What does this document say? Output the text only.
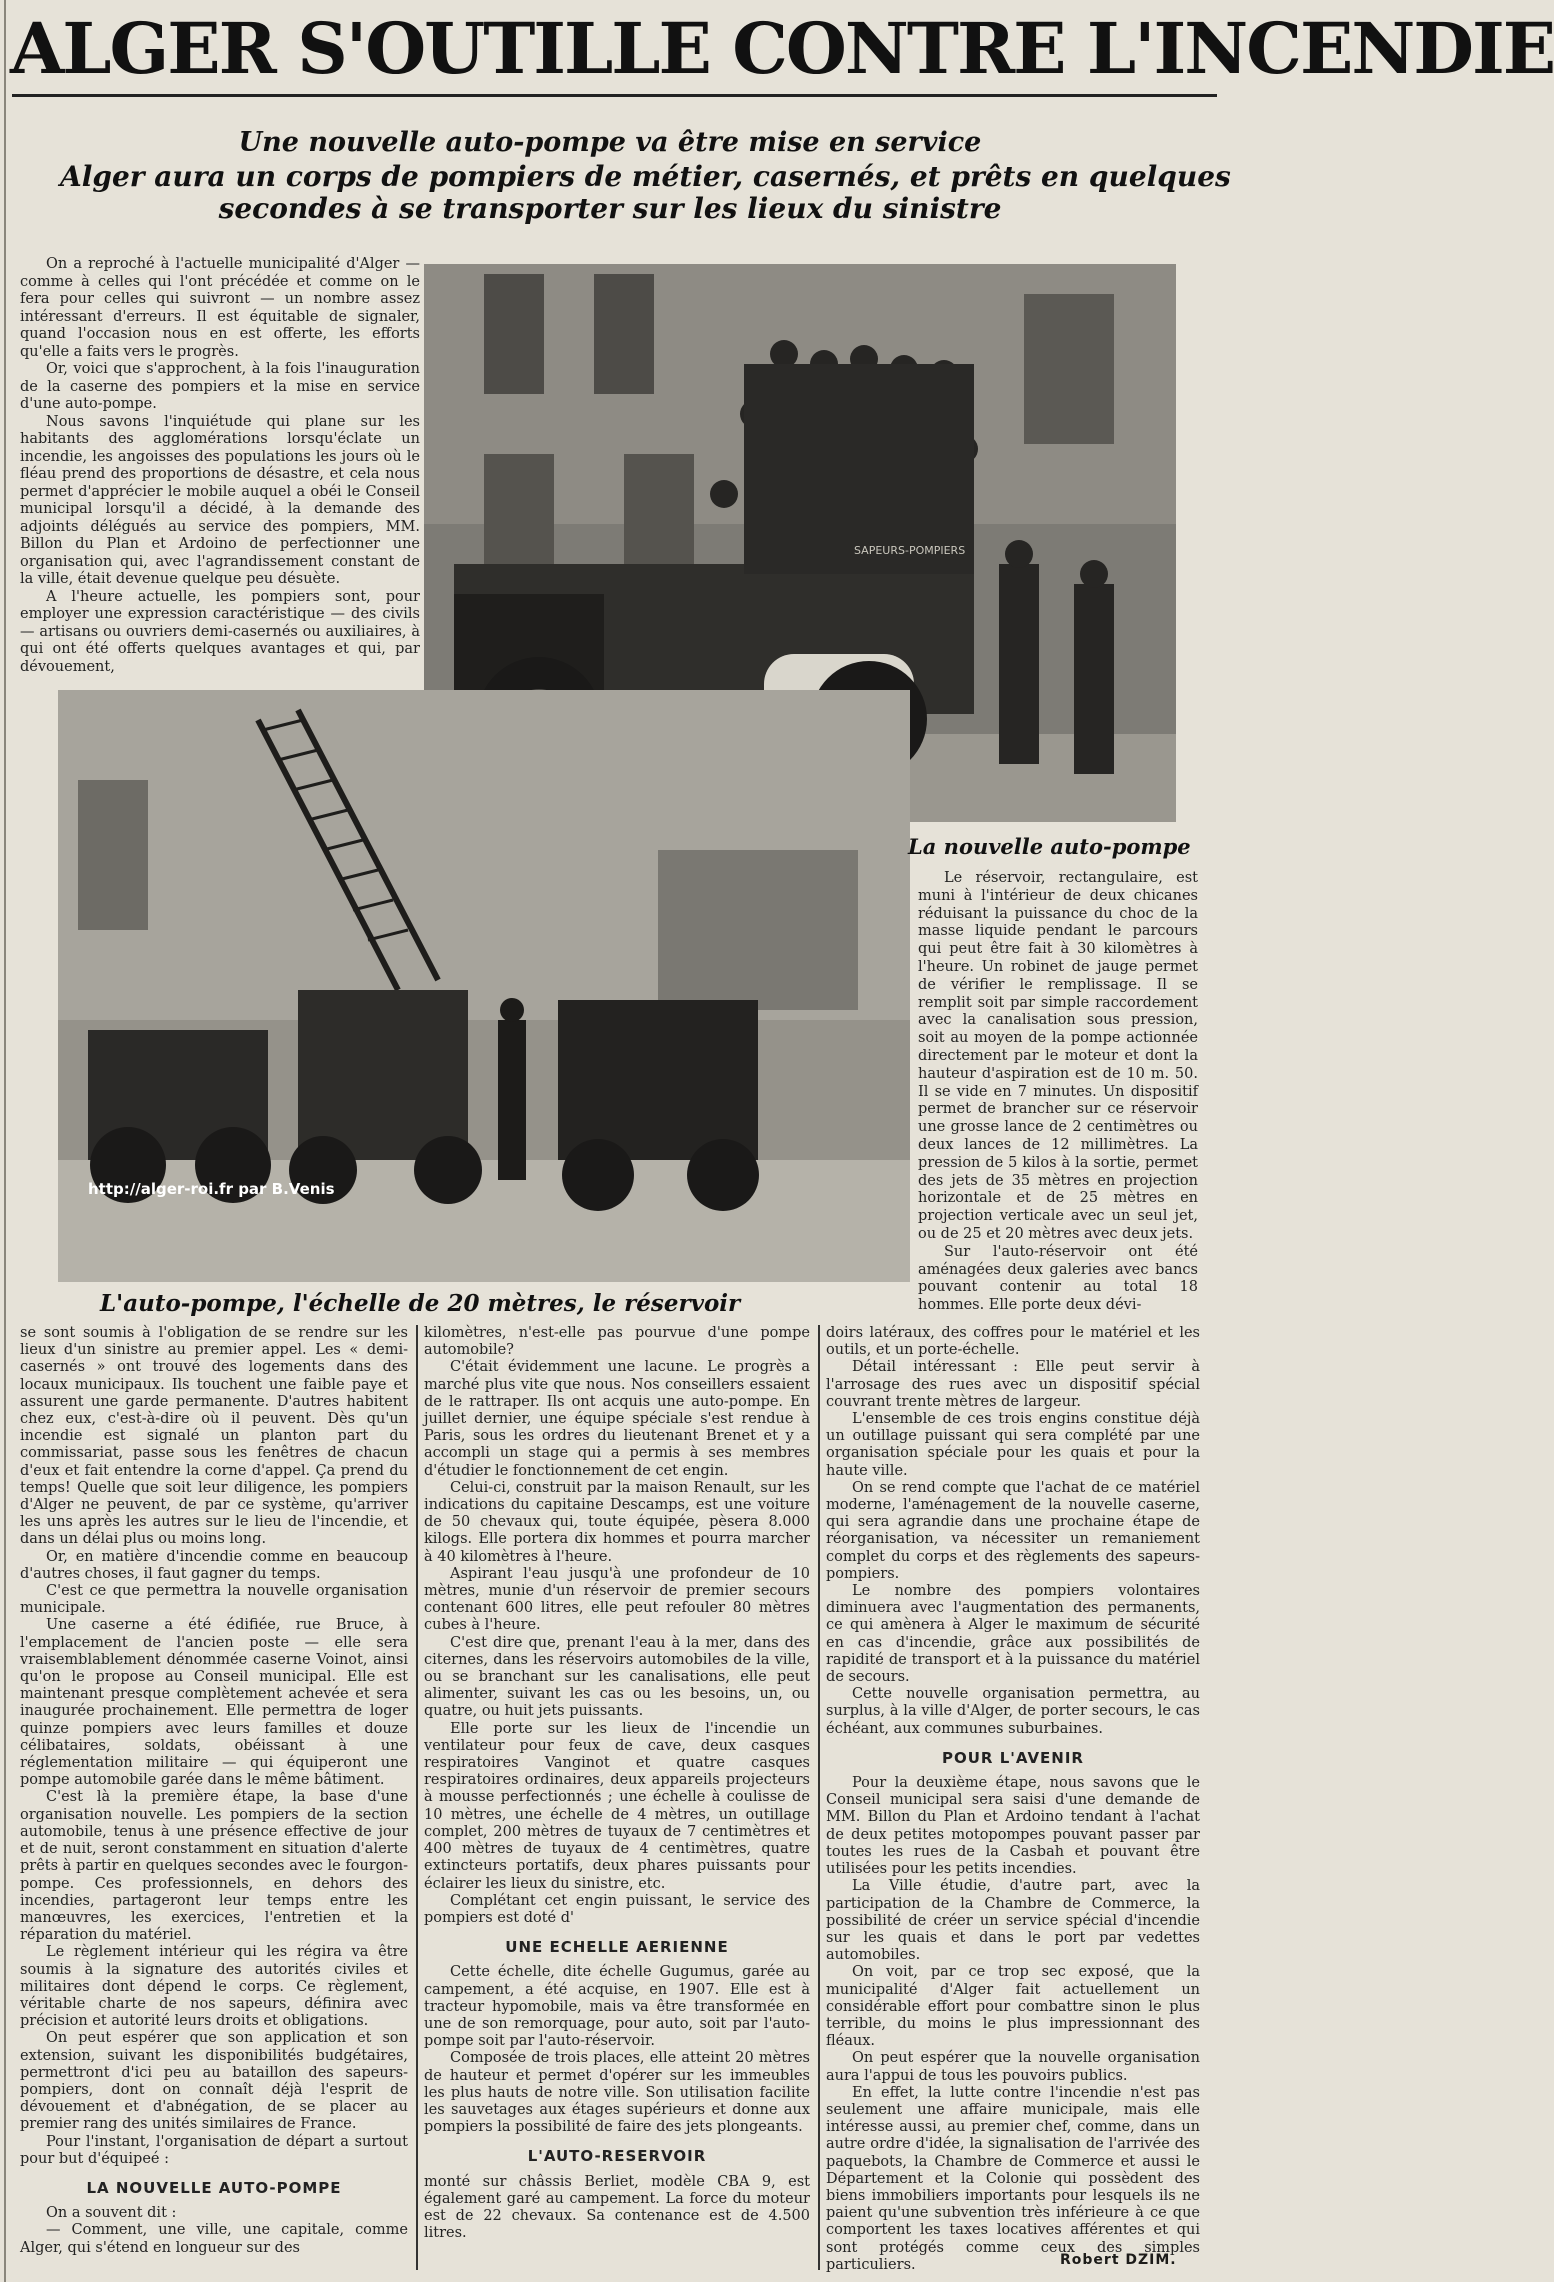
ALGER S'OUTILLE CONTRE L'INCENDIE
Une nouvelle auto-pompe va être mise en service
Alger aura un corps de pompiers de métier, casernés, et prêts en quelques
secondes à se transporter sur les lieux du sinistre

On a reproché à l'actuelle municipalité d'Alger — comme à celles qui l'ont précédée et comme on le fera pour celles qui suivront — un nombre assez intéressant d'erreurs. Il est équitable de signaler, quand l'occasion nous en est offerte, les efforts qu'elle a faits vers le progrès.

Or, voici que s'approchent, à la fois l'inauguration de la caserne des pompiers et la mise en service d'une auto-pompe.

Nous savons l'inquiétude qui plane sur les habitants des agglomérations lorsqu'éclate un incendie, les angoisses des populations les jours où le fléau prend des proportions de désastre, et cela nous permet d'apprécier le mobile auquel a obéi le Conseil municipal lorsqu'il a décidé, à la demande des adjoints délégués au service des pompiers, MM. Billon du Plan et Ardoino de perfectionner une organisation qui, avec l'agrandissement constant de la ville, était devenue quelque peu désuète.

A l'heure actuelle, les pompiers sont, pour employer une expression caractéristique — des civils — artisans ou ouvriers demi-casernés ou auxiliaires, à qui ont été offerts quelques avantages et qui, par dévouement,

SAPEURS-POMPIERS
http://alger-roi.fr par B.Venis
La nouvelle auto-pompe
L'auto-pompe, l'échelle de 20 mètres, le réservoir

Le réservoir, rectangulaire, est muni à l'intérieur de deux chicanes réduisant la puissance du choc de la masse liquide pendant le parcours qui peut être fait à 30 kilomètres à l'heure. Un robinet de jauge permet de vérifier le remplissage. Il se remplit soit par simple raccordement avec la canalisation sous pression, soit au moyen de la pompe actionnée directement par le moteur et dont la hauteur d'aspiration est de 10 m. 50. Il se vide en 7 minutes. Un dispositif permet de brancher sur ce réservoir une grosse lance de 2 centimètres ou deux lances de 12 millimètres. La pression de 5 kilos à la sortie, permet des jets de 35 mètres en projection horizontale et de 25 mètres en projection verticale avec un seul jet, ou de 25 et 20 mètres avec deux jets.

Sur l'auto-réservoir ont été aménagées deux galeries avec bancs pouvant contenir au total 18 hommes. Elle porte deux dévi-

se sont soumis à l'obligation de se rendre sur les lieux d'un sinistre au premier appel. Les « demi-casernés » ont trouvé des logements dans des locaux municipaux. Ils touchent une faible paye et assurent une garde permanente. D'autres habitent chez eux, c'est-à-dire où il peuvent. Dès qu'un incendie est signalé un planton part du commissariat, passe sous les fenêtres de chacun d'eux et fait entendre la corne d'appel. Ça prend du temps! Quelle que soit leur diligence, les pompiers d'Alger ne peuvent, de par ce système, qu'arriver les uns après les autres sur le lieu de l'incendie, et dans un délai plus ou moins long.

Or, en matière d'incendie comme en beaucoup d'autres choses, il faut gagner du temps.

C'est ce que permettra la nouvelle organisation municipale.

Une caserne a été édifiée, rue Bruce, à l'emplacement de l'ancien poste — elle sera vraisemblablement dénommée caserne Voinot, ainsi qu'on le propose au Conseil municipal. Elle est maintenant presque complètement achevée et sera inaugurée prochainement. Elle permettra de loger quinze pompiers avec leurs familles et douze célibataires, soldats, obéissant à une réglementation militaire — qui équiperont une pompe automobile garée dans le même bâtiment.

C'est là la première étape, la base d'une organisation nouvelle. Les pompiers de la section automobile, tenus à une présence effective de jour et de nuit, seront constamment en situation d'alerte prêts à partir en quelques secondes avec le fourgon-pompe. Ces professionnels, en dehors des incendies, partageront leur temps entre les manœuvres, les exercices, l'entretien et la réparation du matériel.

Le règlement intérieur qui les régira va être soumis à la signature des autorités civiles et militaires dont dépend le corps. Ce règlement, véritable charte de nos sapeurs, définira avec précision et autorité leurs droits et obligations.

On peut espérer que son application et son extension, suivant les disponibilités budgétaires, permettront d'ici peu au bataillon des sapeurs-pompiers, dont on connaît déjà l'esprit de dévouement et d'abnégation, de se placer au premier rang des unités similaires de France.

Pour l'instant, l'organisation de départ a surtout pour but d'équipeé :

LA NOUVELLE AUTO-POMPE

On a souvent dit :

— Comment, une ville, une capitale, comme Alger, qui s'étend en longueur sur des

kilomètres, n'est-elle pas pourvue d'une pompe automobile?

C'était évidemment une lacune. Le progrès a marché plus vite que nous. Nos conseillers essaient de le rattraper. Ils ont acquis une auto-pompe. En juillet dernier, une équipe spéciale s'est rendue à Paris, sous les ordres du lieutenant Brenet et y a accompli un stage qui a permis à ses membres d'étudier le fonctionnement de cet engin.

Celui-ci, construit par la maison Renault, sur les indications du capitaine Descamps, est une voiture de 50 chevaux qui, toute équipée, pèsera 8.000 kilogs. Elle portera dix hommes et pourra marcher à 40 kilomètres à l'heure.

Aspirant l'eau jusqu'à une profondeur de 10 mètres, munie d'un réservoir de premier secours contenant 600 litres, elle peut refouler 80 mètres cubes à l'heure.

C'est dire que, prenant l'eau à la mer, dans des citernes, dans les réservoirs automobiles de la ville, ou se branchant sur les canalisations, elle peut alimenter, suivant les cas ou les besoins, un, ou quatre, ou huit jets puissants.

Elle porte sur les lieux de l'incendie un ventilateur pour feux de cave, deux casques respiratoires Vanginot et quatre casques respiratoires ordinaires, deux appareils projecteurs à mousse perfectionnés ; une échelle à coulisse de 10 mètres, une échelle de 4 mètres, un outillage complet, 200 mètres de tuyaux de 7 centimètres et 400 mètres de tuyaux de 4 centimètres, quatre extincteurs portatifs, deux phares puissants pour éclairer les lieux du sinistre, etc.

Complétant cet engin puissant, le service des pompiers est doté d'

UNE ECHELLE AERIENNE

Cette échelle, dite échelle Gugumus, garée au campement, a été acquise, en 1907. Elle est à tracteur hypomobile, mais va être transformée en une de son remorquage, pour auto, soit par l'auto-pompe soit par l'auto-réservoir.

Composée de trois places, elle atteint 20 mètres de hauteur et permet d'opérer sur les immeubles les plus hauts de notre ville. Son utilisation facilite les sauvetages aux étages supérieurs et donne aux pompiers la possibilité de faire des jets plongeants.

L'AUTO-RESERVOIR

monté sur châssis Berliet, modèle CBA 9, est également garé au campement. La force du moteur est de 22 chevaux. Sa contenance est de 4.500 litres.

doirs latéraux, des coffres pour le matériel et les outils, et un porte-échelle.

Détail intéressant : Elle peut servir à l'arrosage des rues avec un dispositif spécial couvrant trente mètres de largeur.

L'ensemble de ces trois engins constitue déjà un outillage puissant qui sera complété par une organisation spéciale pour les quais et pour la haute ville.

On se rend compte que l'achat de ce matériel moderne, l'aménagement de la nouvelle caserne, qui sera agrandie dans une prochaine étape de réorganisation, va nécessiter un remaniement complet du corps et des règlements des sapeurs-pompiers.

Le nombre des pompiers volontaires diminuera avec l'augmentation des permanents, ce qui amènera à Alger le maximum de sécurité en cas d'incendie, grâce aux possibilités de rapidité de transport et à la puissance du matériel de secours.

Cette nouvelle organisation permettra, au surplus, à la ville d'Alger, de porter secours, le cas échéant, aux communes suburbaines.

POUR L'AVENIR

Pour la deuxième étape, nous savons que le Conseil municipal sera saisi d'une demande de MM. Billon du Plan et Ardoino tendant à l'achat de deux petites motopompes pouvant passer par toutes les rues de la Casbah et pouvant être utilisées pour les petits incendies.

La Ville étudie, d'autre part, avec la participation de la Chambre de Commerce, la possibilité de créer un service spécial d'incendie sur les quais et dans le port par vedettes automobiles.

On voit, par ce trop sec exposé, que la municipalité d'Alger fait actuellement un considérable effort pour combattre sinon le plus terrible, du moins le plus impressionnant des fléaux.

On peut espérer que la nouvelle organisation aura l'appui de tous les pouvoirs publics.

En effet, la lutte contre l'incendie n'est pas seulement une affaire municipale, mais elle intéresse aussi, au premier chef, comme, dans un autre ordre d'idée, la signalisation de l'arrivée des paquebots, la Chambre de Commerce et aussi le Département et la Colonie qui possèdent des biens immobiliers importants pour lesquels ils ne paient qu'une subvention très inférieure à ce que comportent les taxes locatives afférentes et qui sont protégés comme ceux des simples particuliers.	Robert DZIM.
